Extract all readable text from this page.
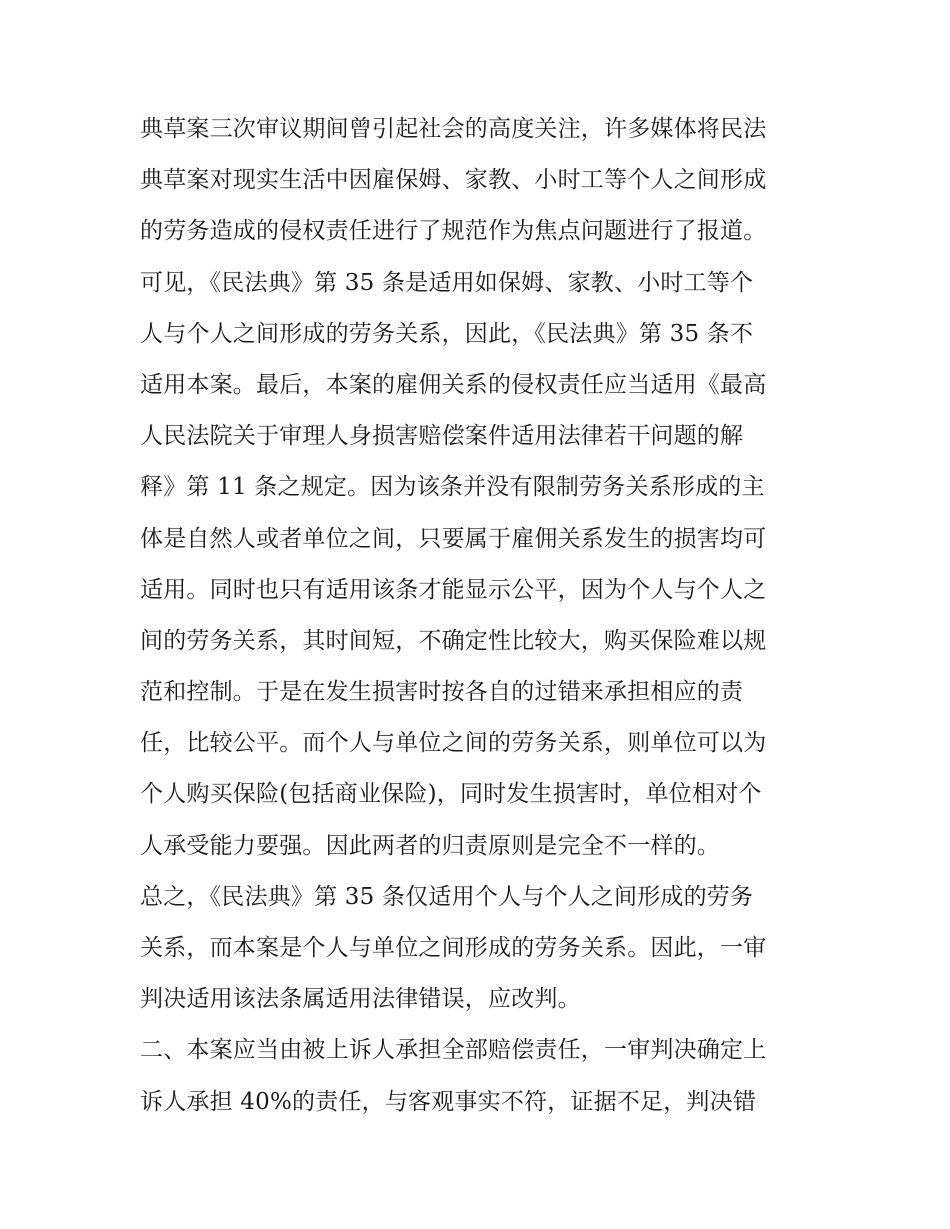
典草案三次审议期间曾引起社会的高度关注，许多媒体将民法
典草案对现实生活中因雇保姆、家教、小时工等个人之间形成
的劳务造成的侵权责任进行了规范作为焦点问题进行了报道。
可见，《民法典》第 35 条是适用如保姆、家教、小时工等个
人与个人之间形成的劳务关系，因此，《民法典》第 35 条不
适用本案。最后，本案的雇佣关系的侵权责任应当适用《最高
人民法院关于审理人身损害赔偿案件适用法律若干问题的解
释》第 11 条之规定。因为该条并没有限制劳务关系形成的主
体是自然人或者单位之间，只要属于雇佣关系发生的损害均可
适用。同时也只有适用该条才能显示公平，因为个人与个人之
间的劳务关系，其时间短，不确定性比较大，购买保险难以规
范和控制。于是在发生损害时按各自的过错来承担相应的责
任，比较公平。而个人与单位之间的劳务关系，则单位可以为
个人购买保险(包括商业保险)，同时发生损害时，单位相对个
人承受能力要强。因此两者的归责原则是完全不一样的。
总之，《民法典》第 35 条仅适用个人与个人之间形成的劳务
关系，而本案是个人与单位之间形成的劳务关系。因此，一审
判决适用该法条属适用法律错误，应改判。
二、本案应当由被上诉人承担全部赔偿责任，一审判决确定上
诉人承担 40%的责任，与客观事实不符，证据不足，判决错
